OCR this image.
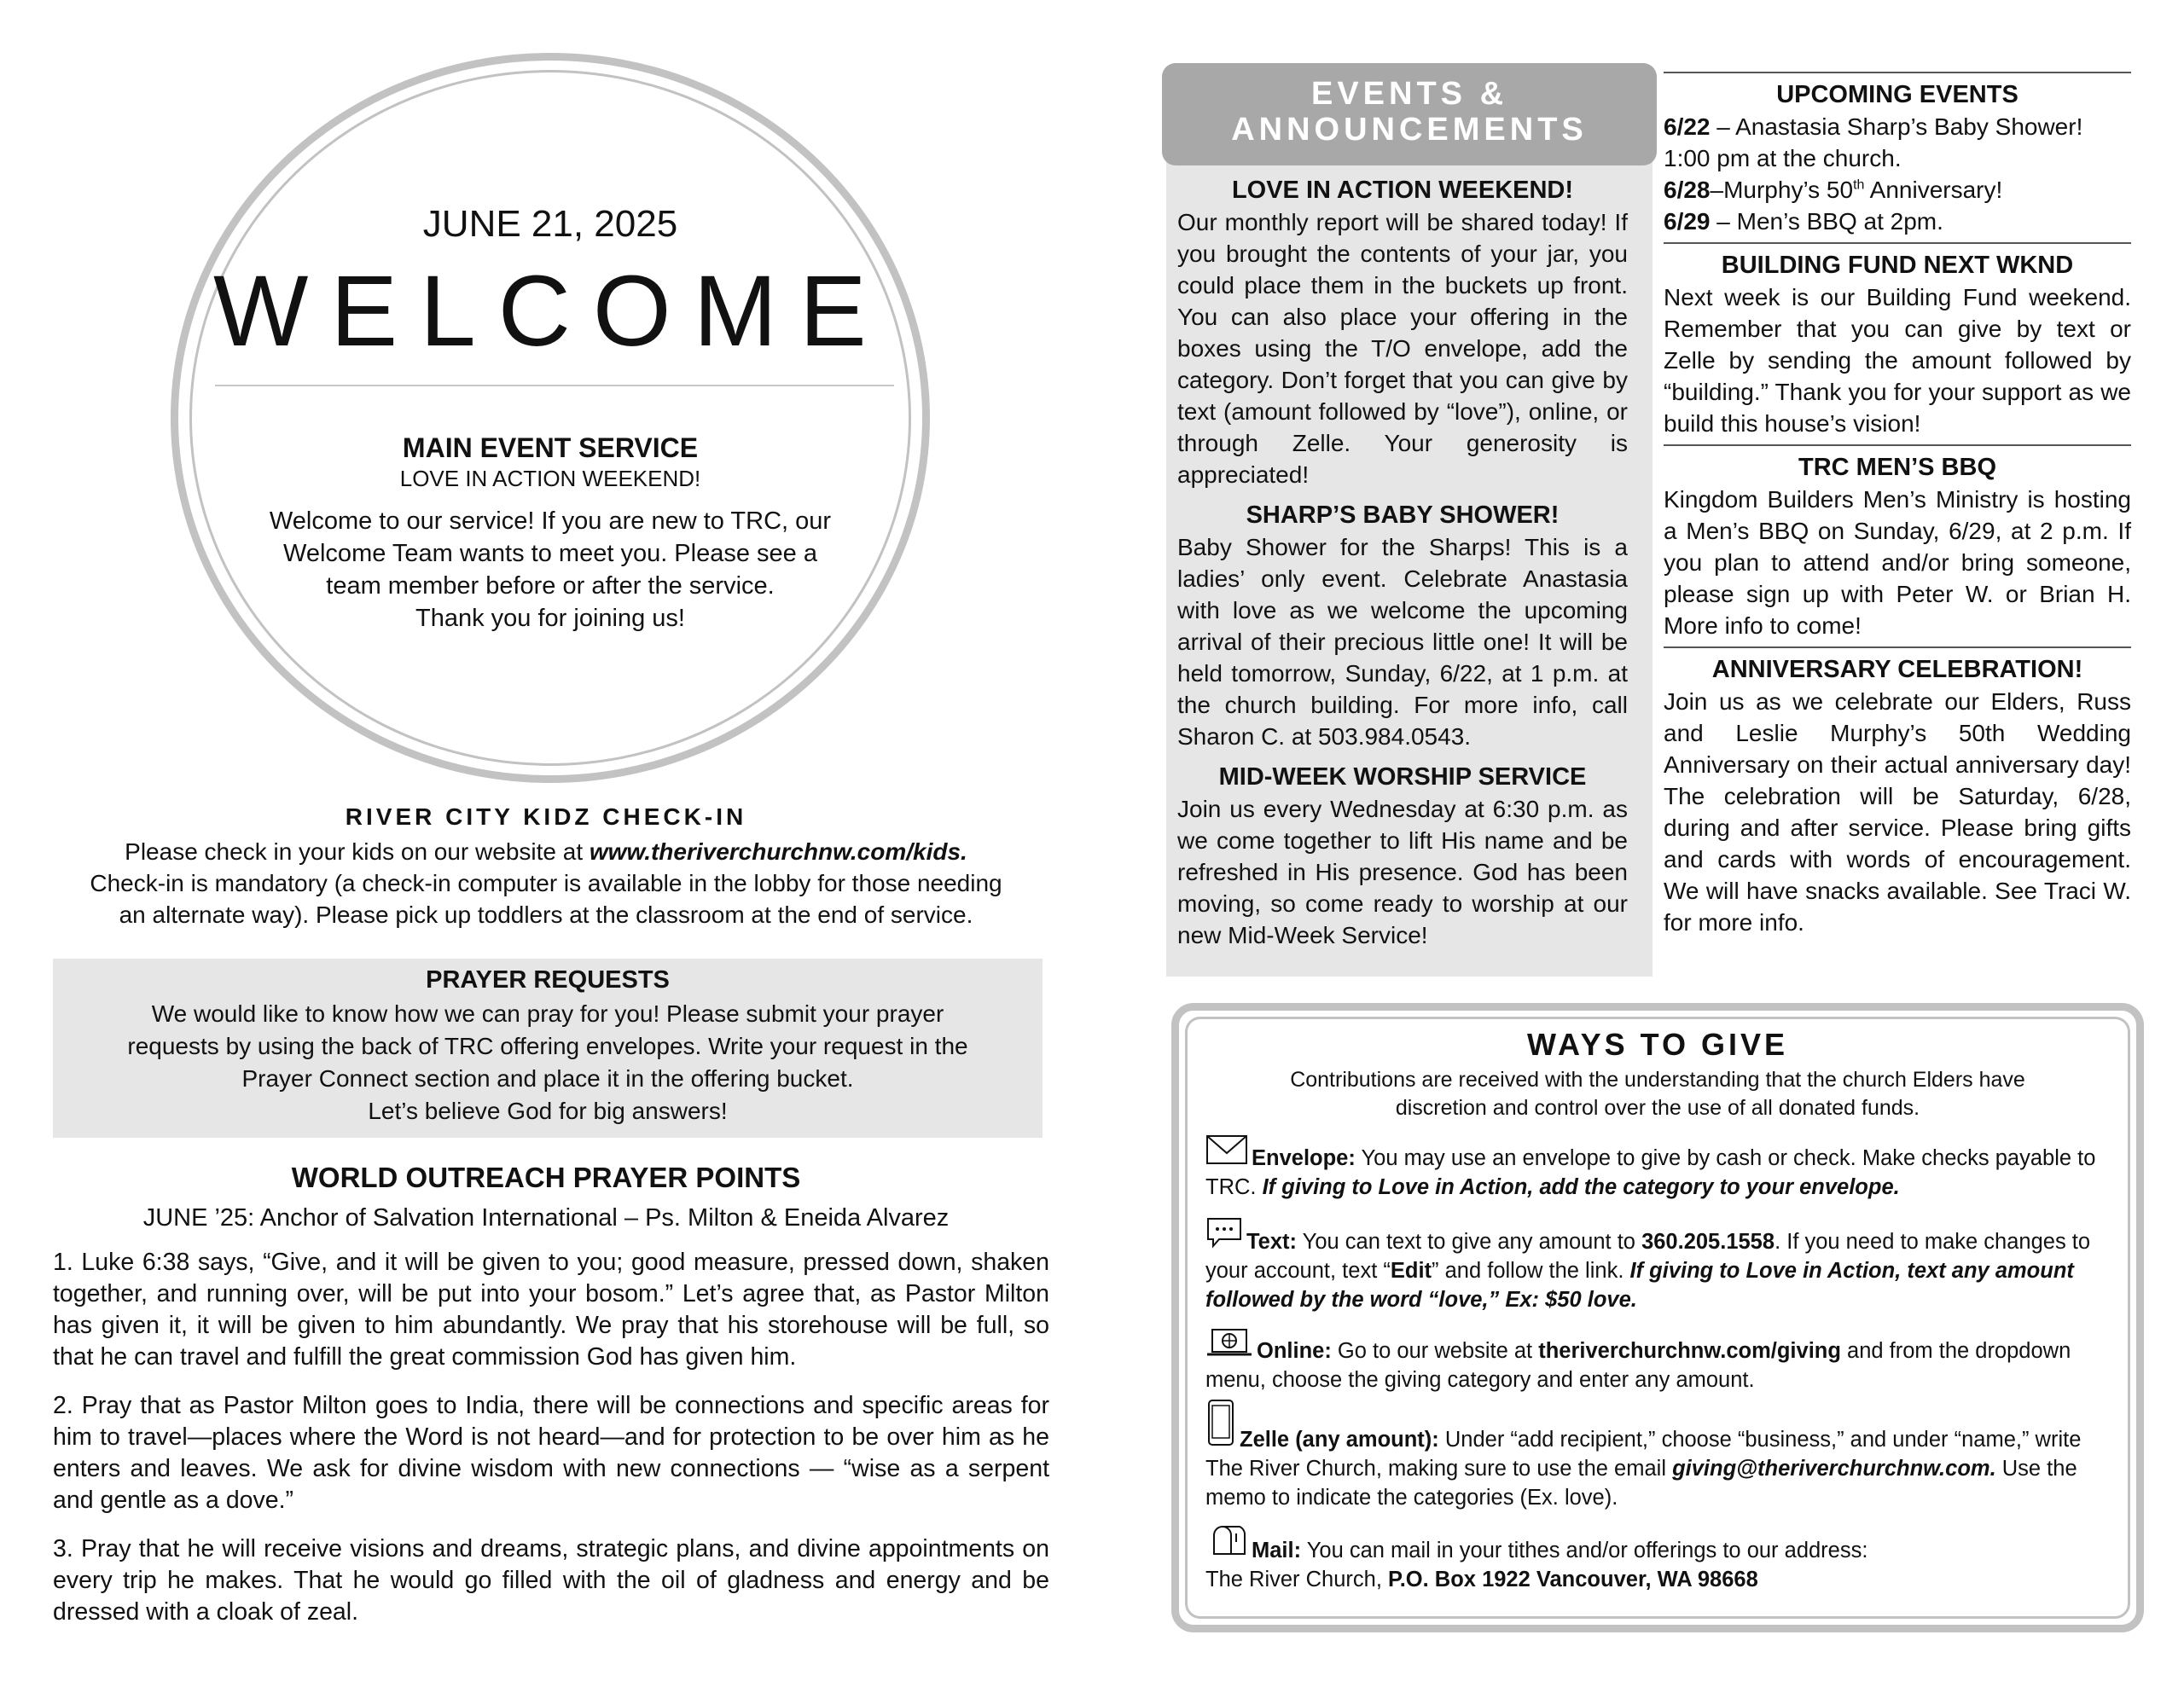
JUNE 21, 2025
WELCOME
MAIN EVENT SERVICE
LOVE IN ACTION WEEKEND!

Welcome to our service! If you are new to TRC, our

Welcome Team wants to meet you. Please see a

team member before or after the service.

Thank you for joining us!

RIVER CITY KIDZ CHECK-IN

Please check in your kids on our website at www.theriverchurchnw.com/kids.

Check-in is mandatory (a check-in computer is available in the lobby for those needing

an alternate way). Please pick up toddlers at the classroom at the end of service.

PRAYER REQUESTS

We would like to know how we can pray for you! Please submit your prayer

requests by using the back of TRC offering envelopes. Write your request in the

Prayer Connect section and place it in the offering bucket.

Let’s believe God for big answers!

WORLD OUTREACH PRAYER POINTS
JUNE ’25: Anchor of Salvation International – Ps. Milton & Eneida Alvarez

1. Luke 6:38 says, “Give, and it will be given to you; good measure, pressed down, shaken together, and running over, will be put into your bosom.” Let’s agree that, as Pastor Milton has given it, it will be given to him abundantly. We pray that his storehouse will be full, so that he can travel and fulfill the great commission God has given him.

2. Pray that as Pastor Milton goes to India, there will be connections and specific areas for him to travel—places where the Word is not heard—and for protection to be over him as he enters and leaves. We ask for divine wisdom with new connections — “wise as a serpent and gentle as a dove.”

3. Pray that he will receive visions and dreams, strategic plans, and divine appointments on every trip he makes. That he would go filled with the oil of gladness and energy and be dressed with a cloak of zeal.

EVENTS &
ANNOUNCEMENTS
LOVE IN ACTION WEEKEND!

Our monthly report will be shared today! If you brought the contents of your jar, you could place them in the buckets up front. You can also place your offering in the boxes using the T/O envelope, add the category. Don’t forget that you can give by text (amount followed by “love”), online, or through Zelle. Your generosity is appreciated!

SHARP’S BABY SHOWER!

Baby Shower for the Sharps! This is a ladies’ only event. Celebrate Anastasia with love as we welcome the upcoming arrival of their precious little one! It will be held tomorrow, Sunday, 6/22, at 1 p.m. at the church building. For more info, call Sharon C. at 503.984.0543.

MID-WEEK WORSHIP SERVICE

Join us every Wednesday at 6:30 p.m. as we come together to lift His name and be refreshed in His presence. God has been moving, so come ready to worship at our new Mid-Week Service!

UPCOMING EVENTS

6/22 – Anastasia Sharp’s Baby Shower! 1:00 pm at the church.

6/28–Murphy’s 50th Anniversary!

6/29 – Men’s BBQ at 2pm.

BUILDING FUND NEXT WKND

Next week is our Building Fund weekend. Remember that you can give by text or Zelle by sending the amount followed by “building.” Thank you for your support as we build this house’s vision!

TRC MEN’S BBQ

Kingdom Builders Men’s Ministry is hosting a Men’s BBQ on Sunday, 6/29, at 2 p.m. If you plan to attend and/or bring someone, please sign up with Peter W. or Brian H. More info to come!

ANNIVERSARY CELEBRATION!

Join us as we celebrate our Elders, Russ and Leslie Murphy’s 50th Wedding Anniversary on their actual anniversary day! The celebration will be Saturday, 6/28, during and after service. Please bring gifts and cards with words of encouragement. We will have snacks available. See Traci W. for more info.

WAYS TO GIVE

Contributions are received with the understanding that the church Elders have

discretion and control over the use of all donated funds.

Envelope: You may use an envelope to give by cash or check. Make checks payable to TRC. If giving to Love in Action, add the category to your envelope.
Text: You can text to give any amount to 360.205.1558. If you need to make changes to your account, text “Edit” and follow the link. If giving to Love in Action, text any amount followed by the word “love,” Ex: $50 love.
Online: Go to our website at theriverchurchnw.com/giving and from the dropdown menu, choose the giving category and enter any amount.
Zelle (any amount): Under “add recipient,” choose “business,” and under “name,” write The River Church, making sure to use the email giving@theriverchurchnw.com. Use the memo to indicate the categories (Ex. love).
Mail: You can mail in your tithes and/or offerings to our address:
The River Church, P.O. Box 1922 Vancouver, WA 98668
